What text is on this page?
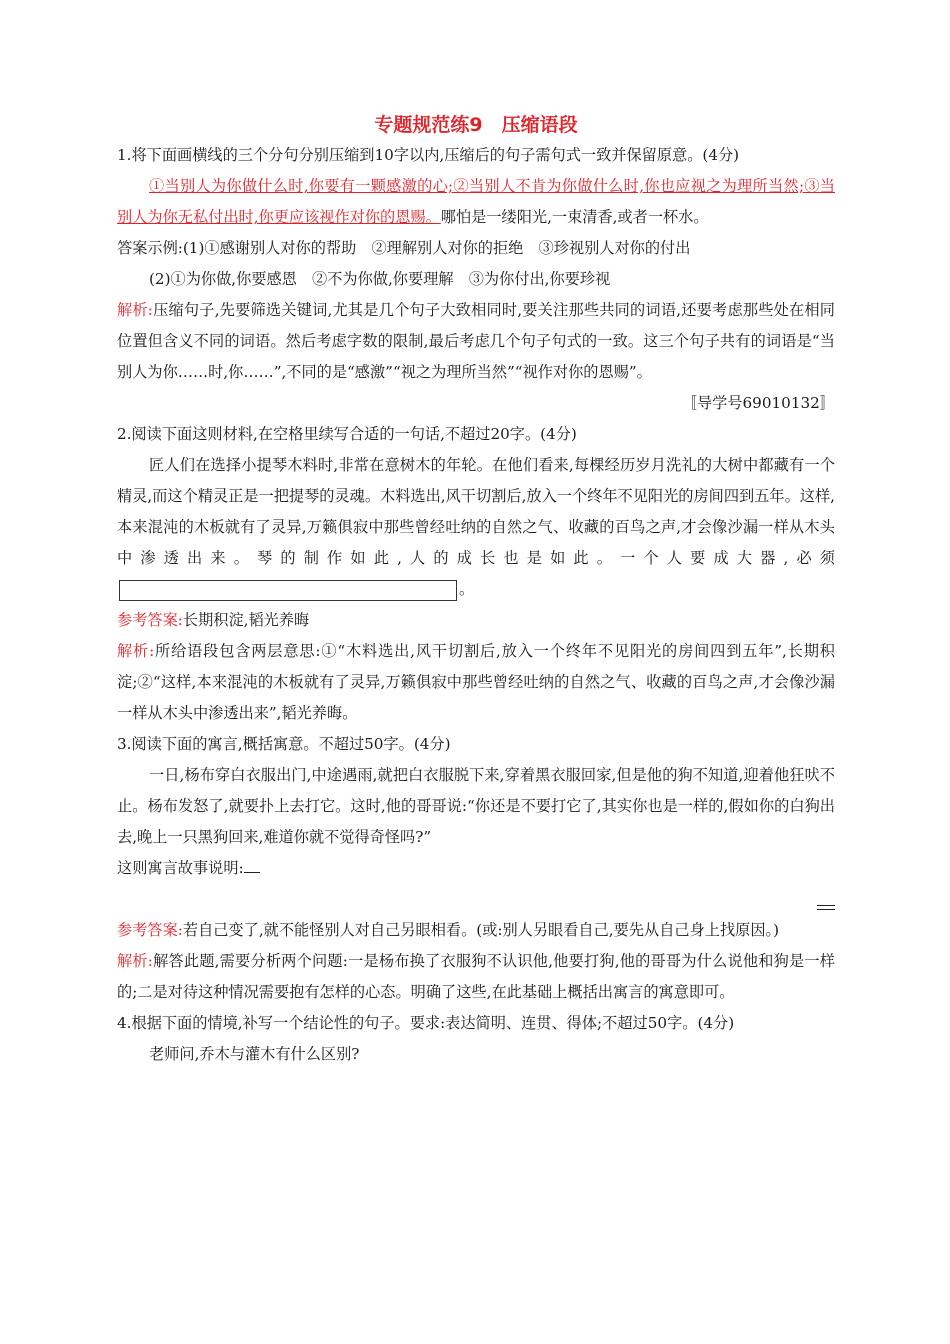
专题规范练9　压缩语段

1.将下面画横线的三个分句分别压缩到10字以内,压缩后的句子需句式一致并保留原意。(4分)

①当别人为你做什么时,你要有一颗感激的心;②当别人不肯为你做什么时,你也应视之为理所当然;③当别人为你无私付出时,你更应该视作对你的恩赐。哪怕是一缕阳光,一束清香,或者一杯水。

答案示例:(1)①感谢别人对你的帮助　②理解别人对你的拒绝　③珍视别人对你的付出

(2)①为你做,你要感恩　②不为你做,你要理解　③为你付出,你要珍视

解析:压缩句子,先要筛选关键词,尤其是几个句子大致相同时,要关注那些共同的词语,还要考虑那些处在相同位置但含义不同的词语。然后考虑字数的限制,最后考虑几个句子句式的一致。这三个句子共有的词语是“当别人为你……时,你……”,不同的是“感激”“视之为理所当然”“视作对你的恩赐”。

〚导学号69010132〛

2.阅读下面这则材料,在空格里续写合适的一句话,不超过20字。(4分)

匠人们在选择小提琴木料时,非常在意树木的年轮。在他们看来,每棵经历岁月洗礼的大树中都藏有一个精灵,而这个精灵正是一把提琴的灵魂。木料选出,风干切割后,放入一个终年不见阳光的房间四到五年。这样,本来混沌的木板就有了灵异,万籁俱寂中那些曾经吐纳的自然之气、收藏的百鸟之声,才会像沙漏一样从木头中渗透出来。琴的制作如此,人的成长也是如此。一个人要成大器,必须。

参考答案:长期积淀,韬光养晦

解析:所给语段包含两层意思:①“木料选出,风干切割后,放入一个终年不见阳光的房间四到五年”,长期积淀;②“这样,本来混沌的木板就有了灵异,万籁俱寂中那些曾经吐纳的自然之气、收藏的百鸟之声,才会像沙漏一样从木头中渗透出来”,韬光养晦。

3.阅读下面的寓言,概括寓意。不超过50字。(4分)

一日,杨布穿白衣服出门,中途遇雨,就把白衣服脱下来,穿着黑衣服回家,但是他的狗不知道,迎着他狂吠不止。杨布发怒了,就要扑上去打它。这时,他的哥哥说:“你还是不要打它了,其实你也是一样的,假如你的白狗出去,晚上一只黑狗回来,难道你就不觉得奇怪吗?”

这则寓言故事说明:

参考答案:若自己变了,就不能怪别人对自己另眼相看。(或:别人另眼看自己,要先从自己身上找原因。)

解析:解答此题,需要分析两个问题:一是杨布换了衣服狗不认识他,他要打狗,他的哥哥为什么说他和狗是一样的;二是对待这种情况需要抱有怎样的心态。明确了这些,在此基础上概括出寓言的寓意即可。

4.根据下面的情境,补写一个结论性的句子。要求:表达简明、连贯、得体;不超过50字。(4分)

老师问,乔木与灌木有什么区别?
